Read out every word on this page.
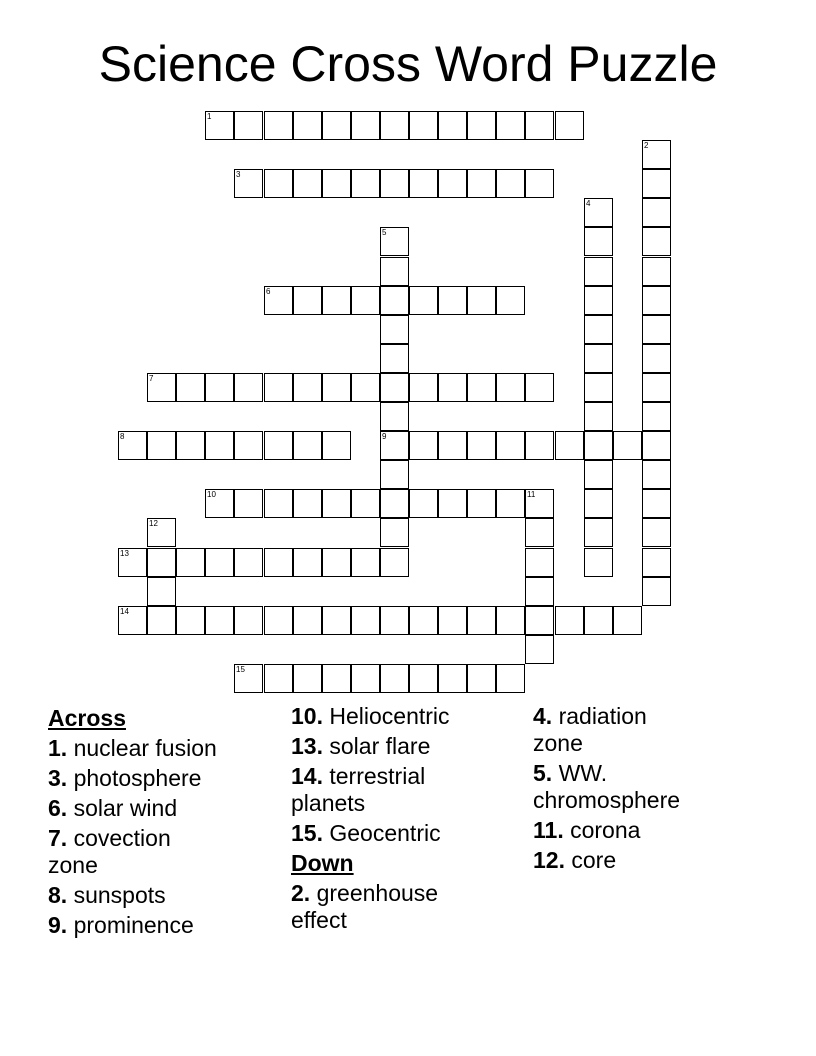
Science Cross Word Puzzle
1
3
6
7
8	9
10
13
14
15
2
4
5
11
12
Across
1. nuclear fusion
3. photosphere
6. solar wind
7. covection zone
8. sunspots
9. prominence
10. Heliocentric
13. solar flare
14. terrestrial planets
15. Geocentric
Down
2. greenhouse effect
4. radiation zone
5. WW. chromosphere
11. corona
12. core
